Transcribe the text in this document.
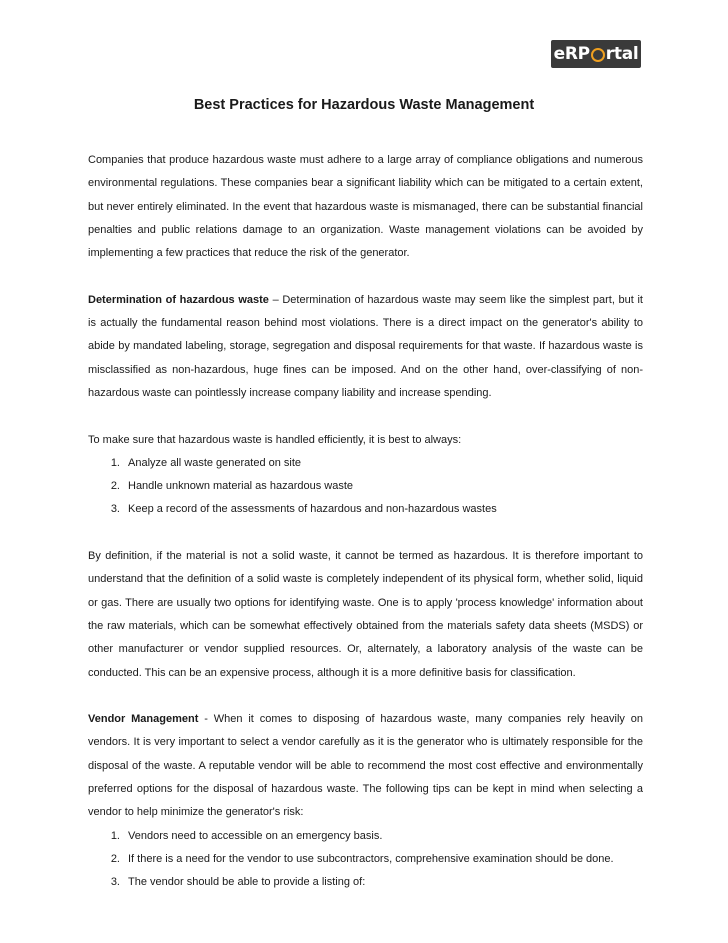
eRP rtal
Best Practices for Hazardous Waste Management

Companies that produce hazardous waste must adhere to a large array of compliance obligations and numerous environmental regulations. These companies bear a significant liability which can be mitigated to a certain extent, but never entirely eliminated. In the event that hazardous waste is mismanaged, there can be substantial financial penalties and public relations damage to an organization. Waste management violations can be avoided by implementing a few practices that reduce the risk of the generator.

Determination of hazardous waste – Determination of hazardous waste may seem like the simplest part, but it is actually the fundamental reason behind most violations. There is a direct impact on the generator's ability to abide by mandated labeling, storage, segregation and disposal requirements for that waste. If hazardous waste is misclassified as non-hazardous, huge fines can be imposed. And on the other hand, over-classifying of non-hazardous waste can pointlessly increase company liability and increase spending.

To make sure that hazardous waste is handled efficiently, it is best to always:

1. Analyze all waste generated on site
2. Handle unknown material as hazardous waste
3. Keep a record of the assessments of hazardous and non-hazardous wastes

By definition, if the material is not a solid waste, it cannot be termed as hazardous. It is therefore important to understand that the definition of a solid waste is completely independent of its physical form, whether solid, liquid or gas. There are usually two options for identifying waste. One is to apply 'process knowledge' information about the raw materials, which can be somewhat effectively obtained from the materials safety data sheets (MSDS) or other manufacturer or vendor supplied resources. Or, alternately, a laboratory analysis of the waste can be conducted. This can be an expensive process, although it is a more definitive basis for classification.

Vendor Management - When it comes to disposing of hazardous waste, many companies rely heavily on vendors. It is very important to select a vendor carefully as it is the generator who is ultimately responsible for the disposal of the waste. A reputable vendor will be able to recommend the most cost effective and environmentally preferred options for the disposal of hazardous waste. The following tips can be kept in mind when selecting a vendor to help minimize the generator's risk:

1. Vendors need to accessible on an emergency basis.
2. If there is a need for the vendor to use subcontractors, comprehensive examination should be done.
3. The vendor should be able to provide a listing of:
